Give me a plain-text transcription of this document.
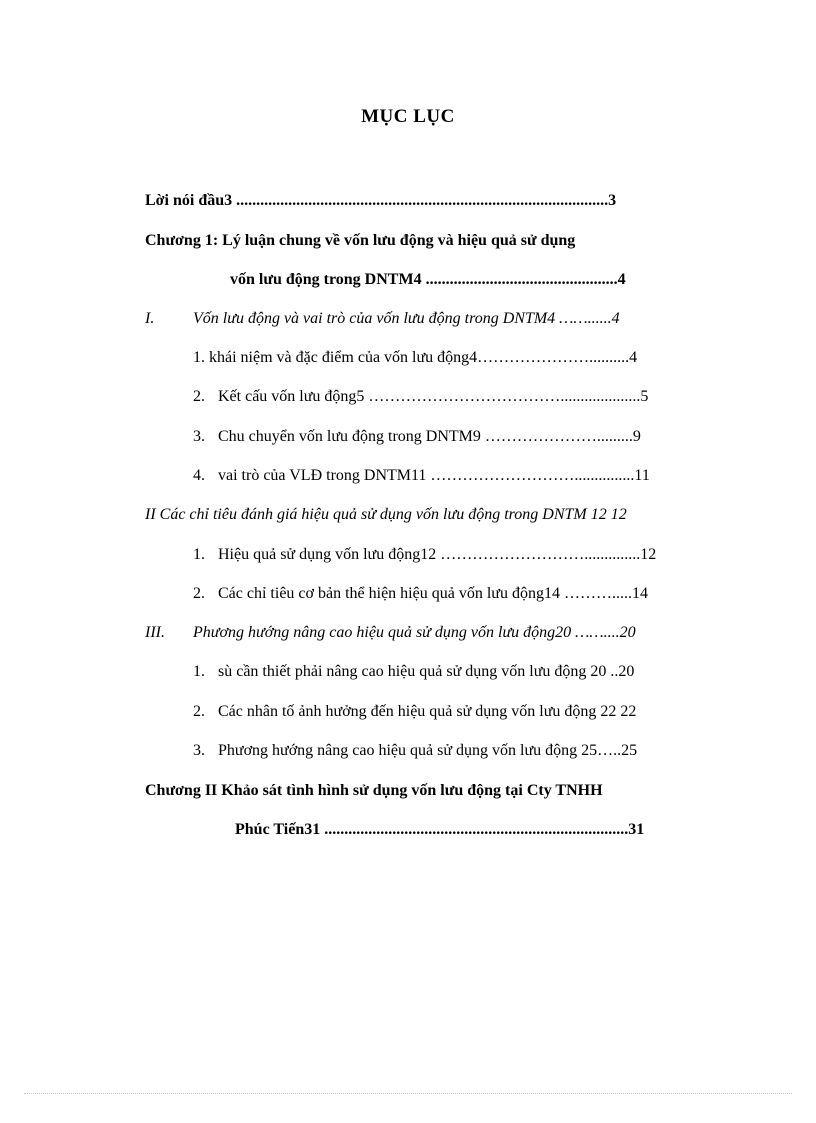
MỤC LỤC
Lời nói đầu3 .............................................................................................3
Chương 1: Lý luận chung về vốn lưu động và hiệu quả sử dụng
vốn lưu động trong DNTM4 ................................................4
I. Vốn lưu động và vai trò của vốn lưu động trong DNTM4 ……......4
1. khái niệm và đặc điểm của vốn lưu động4…………………..........4
2. Kết cấu vốn lưu động5 ………………………………....................5
3. Chu chuyển vốn lưu động trong DNTM9 ………………….........9
4. vai trò của VLĐ trong DNTM11 ………………………...............11
II Các chỉ tiêu đánh giá hiệu quả sử dụng vốn lưu động trong DNTM 12 12
1. Hiệu quả sử dụng vốn lưu động12 ………………………..............12
2. Các chỉ tiêu cơ bản thể hiện hiệu quả vốn lưu động14 ……….....14
III. Phương hướng nâng cao hiệu quả sử dụng vốn lưu động20 ……....20
1. sù cần thiết phải nâng cao hiệu quả sử dụng vốn lưu động 20 ..20
2. Các nhân tố ảnh hưởng đến hiệu quả sử dụng vốn lưu động 22 22
3. Phương hướng nâng cao hiệu quả sử dụng vốn lưu động 25…..25
Chương II Khảo sát tình hình sử dụng vốn lưu động tại Cty TNHH
Phúc Tiến31 ............................................................................31
